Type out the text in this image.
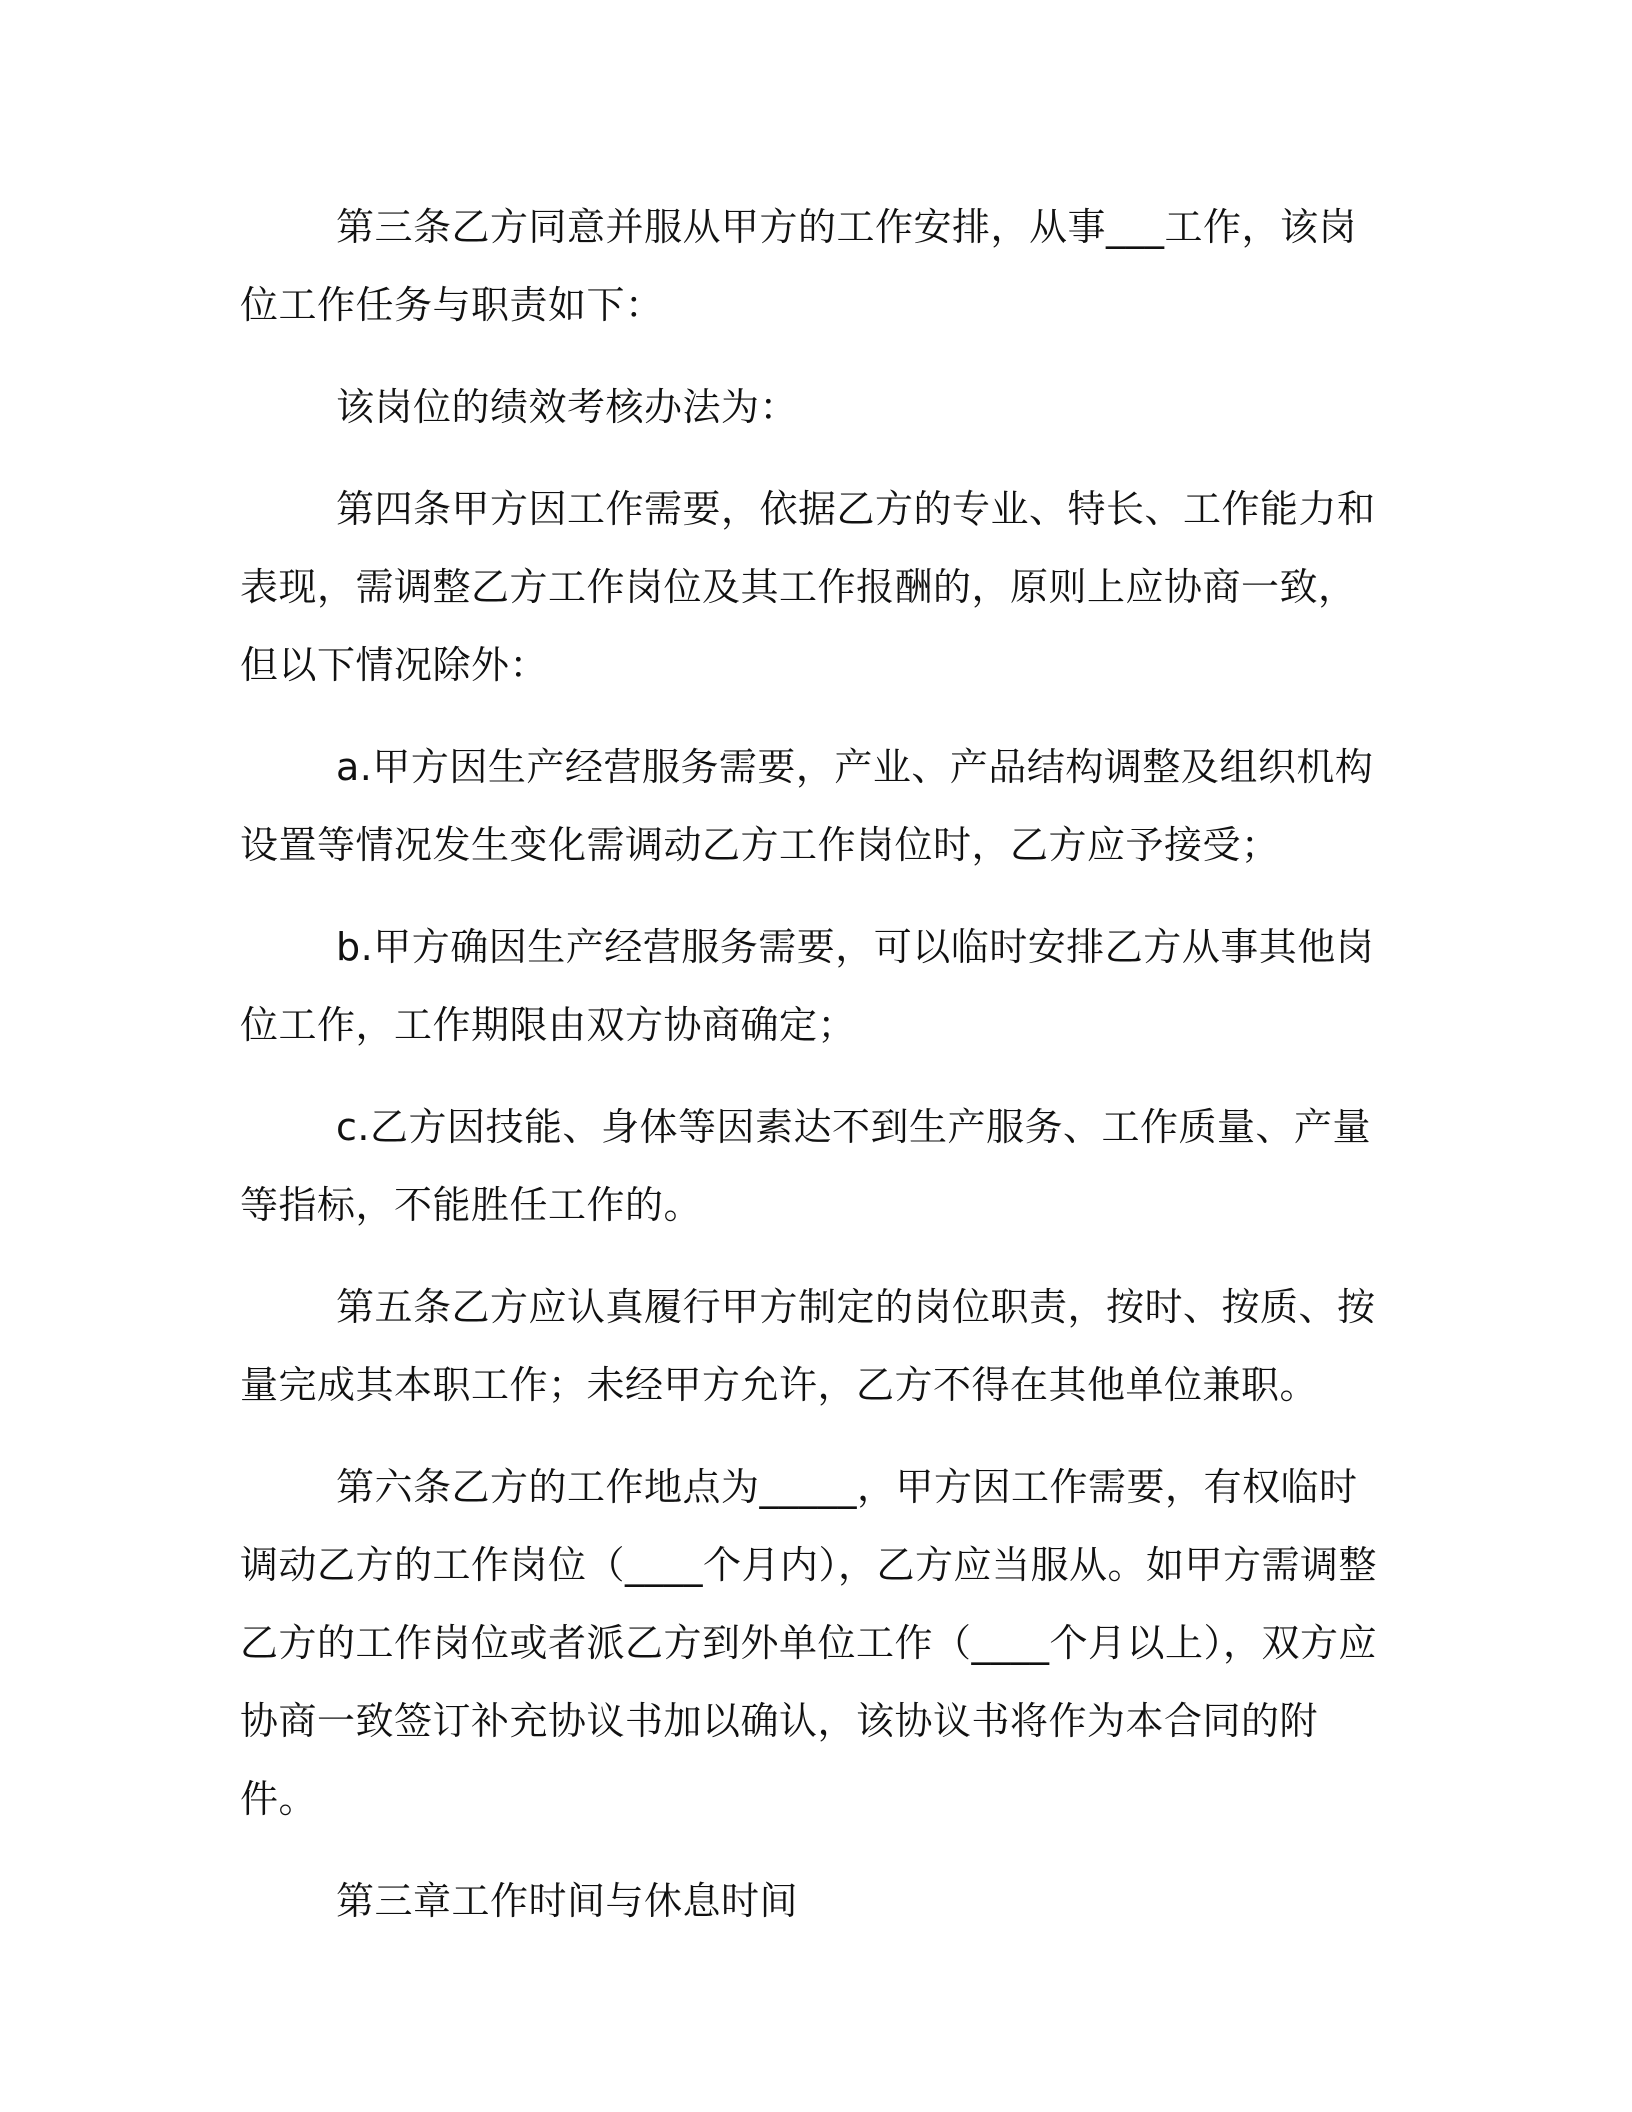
第三条乙方同意并服从甲方的工作安排，从事___工作，该岗位工作任务与职责如下：

该岗位的绩效考核办法为：

第四条甲方因工作需要，依据乙方的专业、特长、工作能力和表现，需调整乙方工作岗位及其工作报酬的，原则上应协商一致，但以下情况除外：

a.甲方因生产经营服务需要，产业、产品结构调整及组织机构设置等情况发生变化需调动乙方工作岗位时，乙方应予接受；

b.甲方确因生产经营服务需要，可以临时安排乙方从事其他岗位工作，工作期限由双方协商确定；

c.乙方因技能、身体等因素达不到生产服务、工作质量、产量等指标，不能胜任工作的。

第五条乙方应认真履行甲方制定的岗位职责，按时、按质、按量完成其本职工作；未经甲方允许，乙方不得在其他单位兼职。

第六条乙方的工作地点为_____，甲方因工作需要，有权临时调动乙方的工作岗位（____个月内），乙方应当服从。如甲方需调整乙方的工作岗位或者派乙方到外单位工作（____个月以上），双方应协商一致签订补充协议书加以确认，该协议书将作为本合同的附件。

第三章工作时间与休息时间
